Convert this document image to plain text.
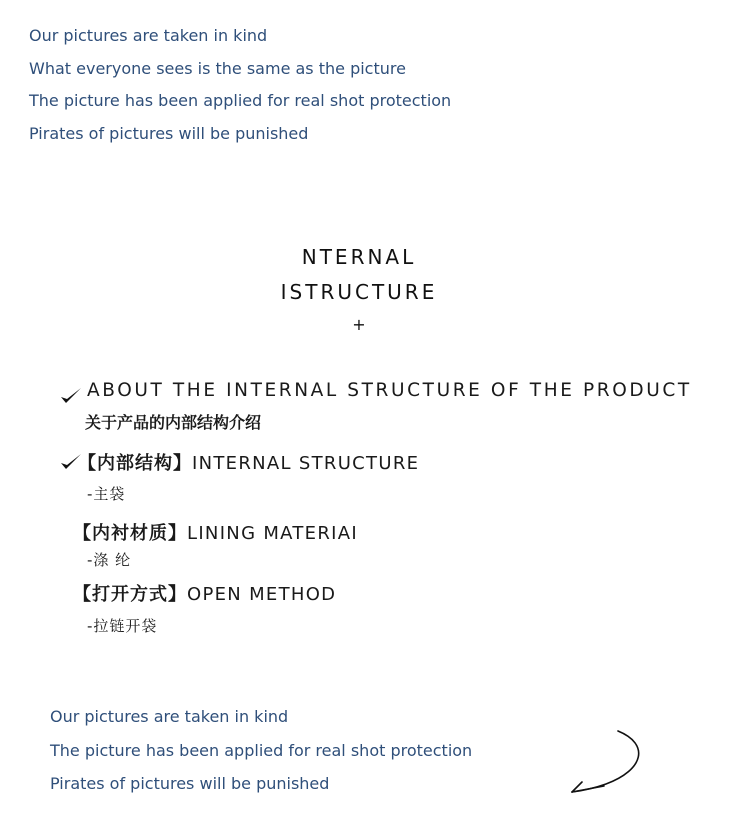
Our pictures are taken in kind
What everyone sees is the same as the picture
The picture has been applied for real shot protection
Pirates of pictures will be punished
NTERNAL
ISTRUCTURE
+
ABOUT THE INTERNAL STRUCTURE OF THE PRODUCT
关于产品的内部结构介绍
【内部结构】INTERNAL STRUCTURE
-主袋
【内衬材质】LINING MATERIAI
-涤 纶
【打开方式】OPEN METHOD
-拉链开袋
Our pictures are taken in kind
The picture has been applied for real shot protection
Pirates of pictures will be punished
